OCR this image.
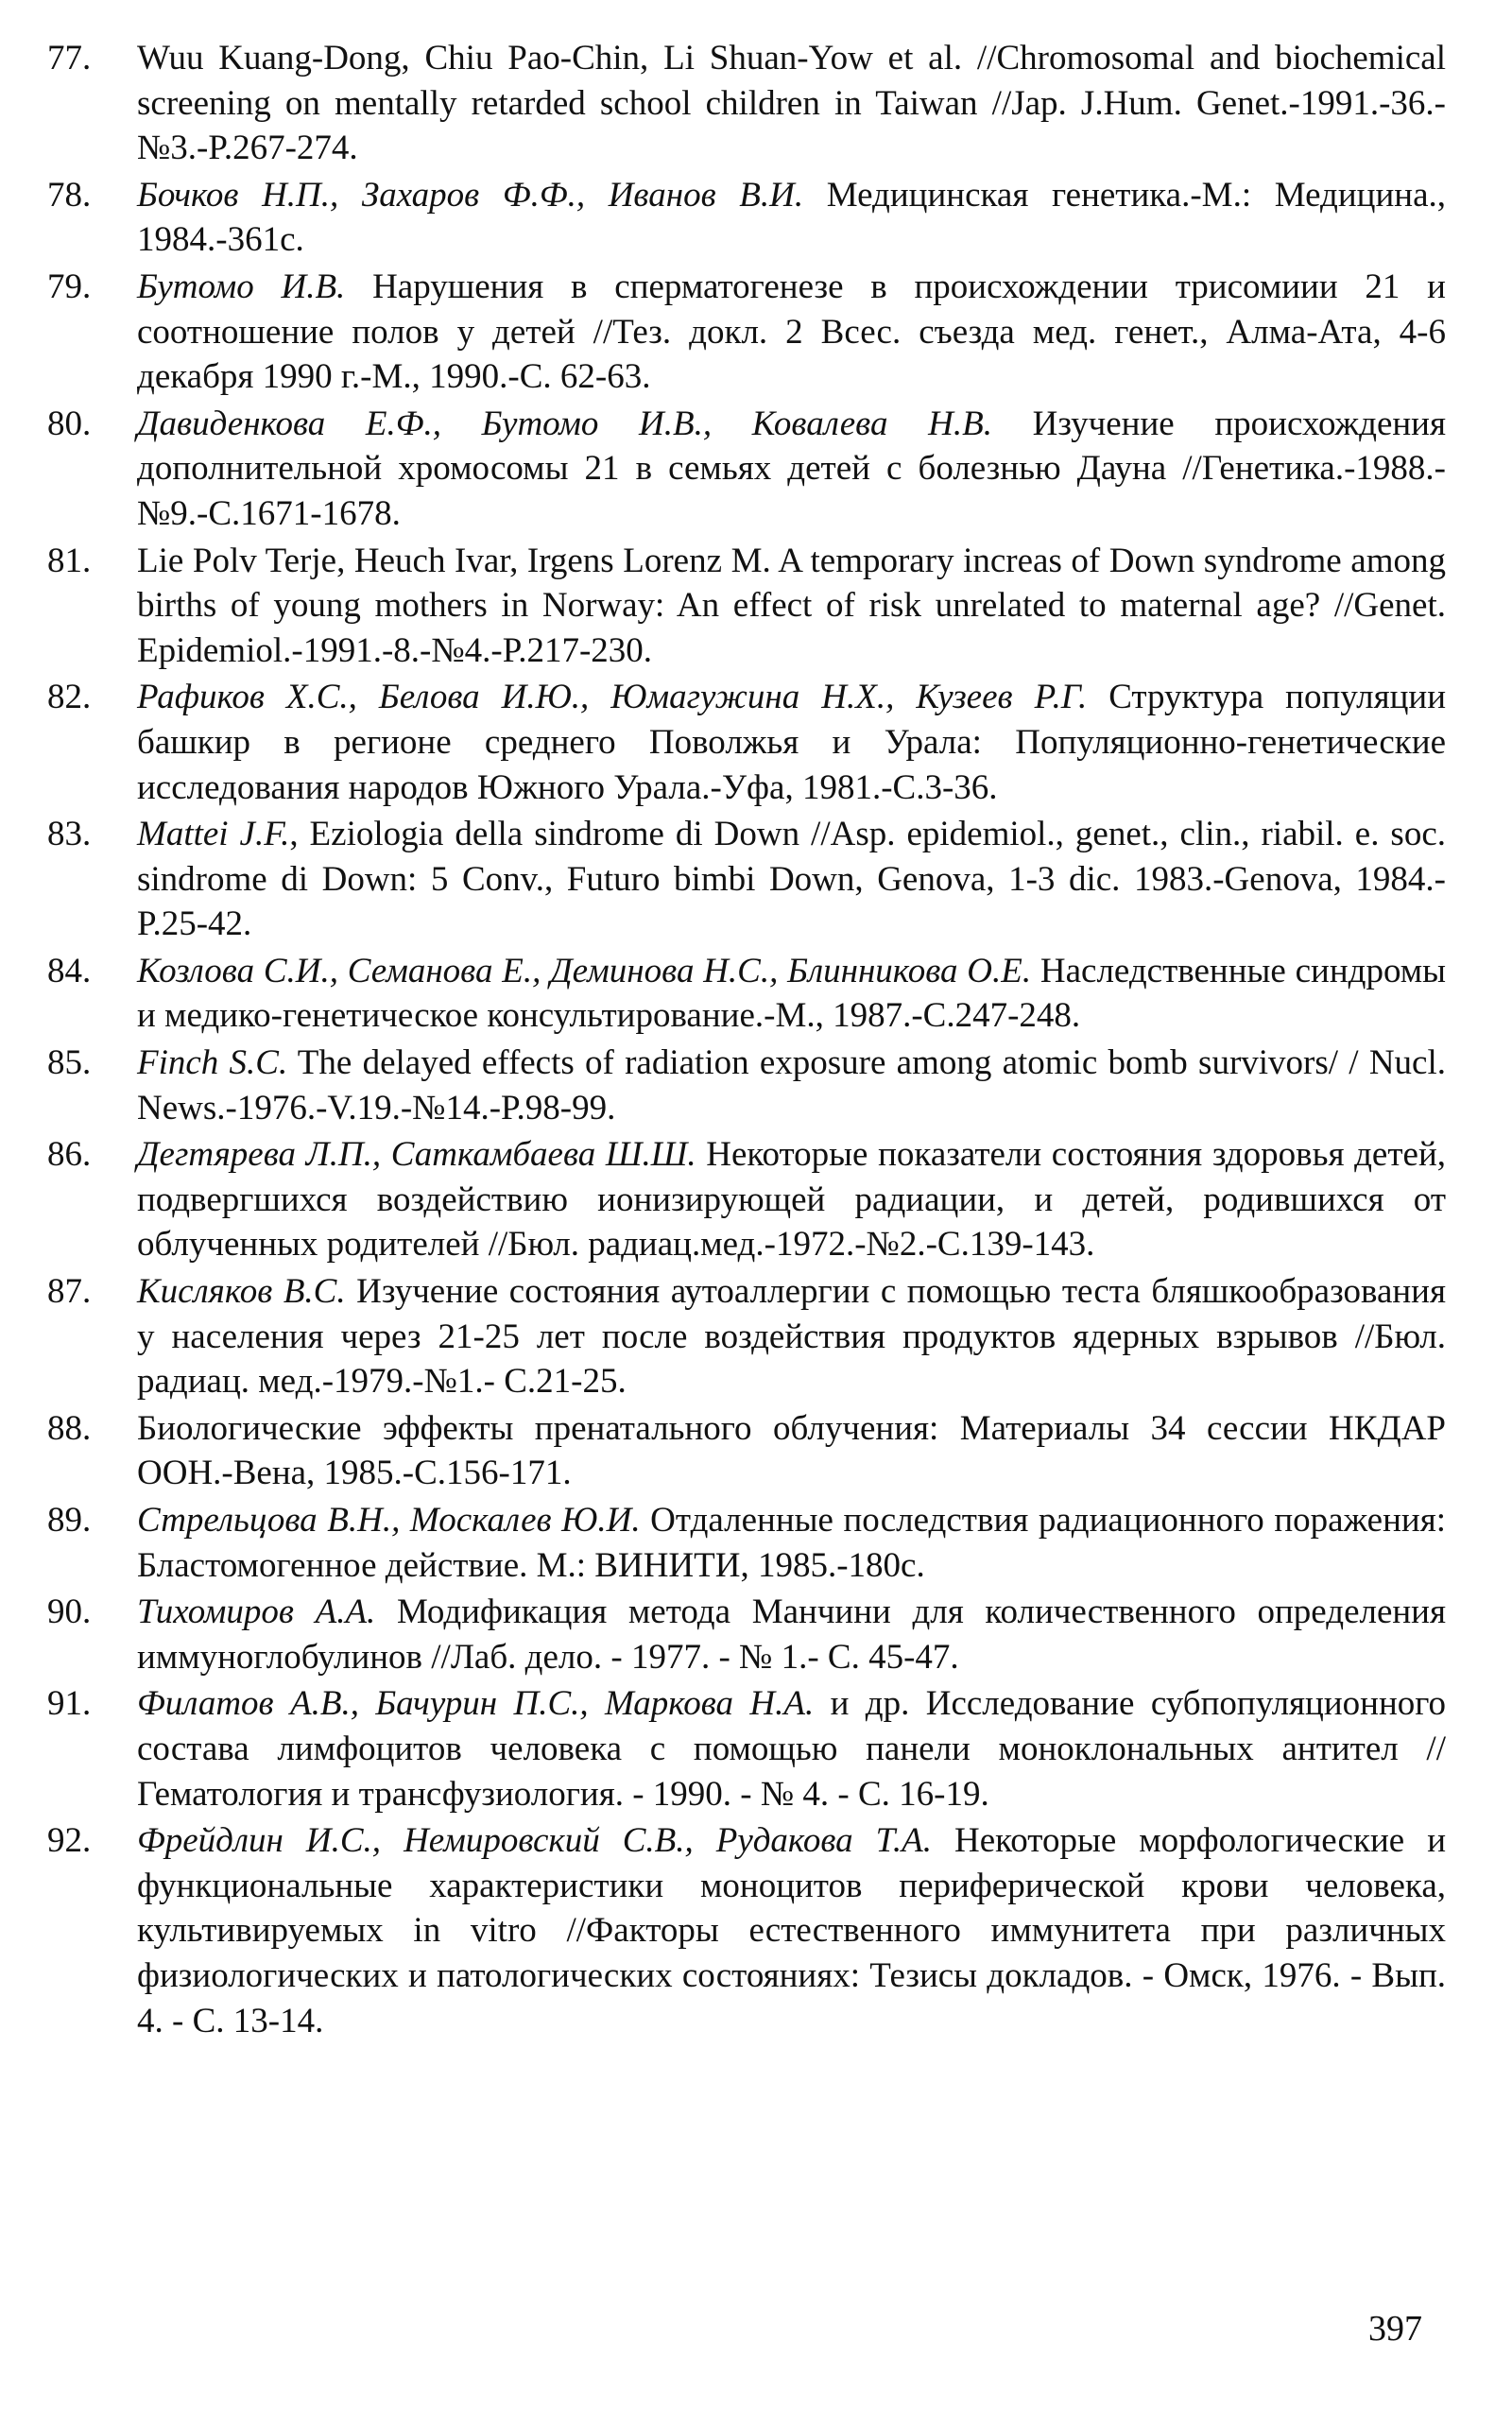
77.	Wuu Kuang-Dong, Chiu Pao-Chin, Li Shuan-Yow et al. //Chromosomal and biochemical screening on mentally retarded school children in Taiwan //Jap. J.Hum. Genet.-1991.-36.-№3.-P.267-274.
78.	Бочков Н.П., Захаров Ф.Ф., Иванов В.И. Медицинская генетика.-М.: Медицина., 1984.-361с.
79.	Бутомо И.В. Нарушения в сперматогенезе в происхождении трисомиии 21 и соотношение полов у детей //Тез. докл. 2 Всес. съезда мед. генет., Алма-Ата, 4-6 декабря 1990 г.-М., 1990.-С. 62-63.
80.	Давиденкова Е.Ф., Бутомо И.В., Ковалева Н.В. Изучение происхождения дополнительной хромосомы 21 в семьях детей с болезнью Дауна //Генетика.-1988.-№9.-С.1671-1678.
81.	Lie Polv Terje, Heuch Ivar, Irgens Lorenz M. A temporary increas of Down syndrome among births of young mothers in Norway: An effect of risk unrelated to maternal age? //Genet. Epidemiol.-1991.-8.-№4.-P.217-230.
82.	Рафиков Х.С., Белова И.Ю., Юмагужина Н.Х., Кузеев Р.Г. Структура популяции башкир в регионе среднего Поволжья и Урала: Популяционно-генетические исследования народов Южного Урала.-Уфа, 1981.-С.3-36.
83.	Mattei J.F., Eziologia della sindrome di Down //Asp. epidemiol., genet., clin., riabil. e. soc. sindrome di Down: 5 Conv., Futuro bimbi Down, Genova, 1-3 dic. 1983.-Genova, 1984.-P.25-42.
84.	Козлова С.И., Семанова Е., Деминова Н.С., Блинникова О.Е. Наследственные синдромы и медико-генетическое консультирование.-М., 1987.-С.247-248.
85.	Finch S.C. The delayed effects of radiation exposure among atomic bomb survivors/ / Nucl. News.-1976.-V.19.-№14.-P.98-99.
86.	Дегтярева Л.П., Саткамбаева Ш.Ш. Некоторые показатели состояния здоровья детей, подвергшихся воздействию ионизирующей радиации, и детей, родившихся от облученных родителей //Бюл. радиац.мед.-1972.-№2.-С.139-143.
87.	Кисляков В.С. Изучение состояния аутоаллергии с помощью теста бляшкообразования у населения через 21-25 лет после воздействия продуктов ядерных взрывов //Бюл. радиац. мед.-1979.-№1.- С.21-25.
88.	Биологические эффекты пренатального облучения: Материалы 34 сессии НКДАР ООН.-Вена, 1985.-С.156-171.
89.	Стрельцова В.Н., Москалев Ю.И. Отдаленные последствия радиационного поражения: Бластомогенное действие. М.: ВИНИТИ, 1985.-180с.
90.	Тихомиров А.А. Модификация метода Манчини для количественного определения иммуноглобулинов //Лаб. дело. - 1977. - № 1.- С. 45-47.
91.	Филатов А.В., Бачурин П.С., Маркова Н.А. и др. Исследование субпопуляционного состава лимфоцитов человека с помощью панели моноклональных антител //Гематология и трансфузиология. - 1990. - № 4. - С. 16-19.
92.	Фрейдлин И.С., Немировский С.В., Рудакова Т.А. Некоторые морфологические и функциональные характеристики моноцитов периферической крови человека, культивируемых in vitro //Факторы естественного иммунитета при различных физиологических и патологических состояниях: Тезисы докладов. - Омск, 1976. - Вып. 4. - С. 13-14.
397
